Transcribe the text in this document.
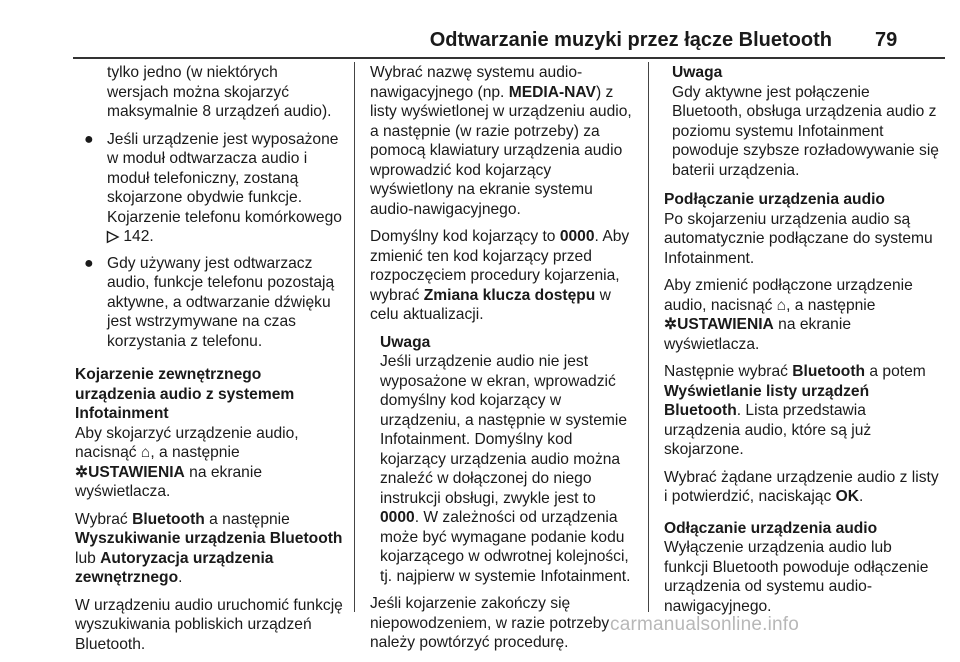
Odtwarzanie muzyki przez łącze Bluetooth 79

tylko jedno (w niektórych wersjach można skojarzyć maksymalnie 8 urządzeń audio).

● Jeśli urządzenie jest wyposażone w moduł odtwarzacza audio i moduł telefoniczny, zostaną skojarzone obydwie funkcje. Kojarzenie telefonu komórkowego ▷ 142.
● Gdy używany jest odtwarzacz audio, funkcje telefonu pozostają aktywne, a odtwarzanie dźwięku jest wstrzymywane na czas korzystania z telefonu.

Kojarzenie zewnętrznego urządzenia audio z systemem Infotainment

Aby skojarzyć urządzenie audio, nacisnąć ⌂, a następnie ✲USTAWIENIA na ekranie wyświetlacza.

Wybrać Bluetooth a następnie Wyszukiwanie urządzenia Bluetooth lub Autoryzacja urządzenia zewnętrznego.

W urządzeniu audio uruchomić funkcję wyszukiwania pobliskich urządzeń Bluetooth.

Wybrać nazwę systemu audio-nawigacyjnego (np. MEDIA-NAV) z listy wyświetlonej w urządzeniu audio, a następnie (w razie potrzeby) za pomocą klawiatury urządzenia audio wprowadzić kod kojarzący wyświetlony na ekranie systemu audio-nawigacyjnego.

Domyślny kod kojarzący to 0000. Aby zmienić ten kod kojarzący przed rozpoczęciem procedury kojarzenia, wybrać Zmiana klucza dostępu w celu aktualizacji.

Uwaga
Jeśli urządzenie audio nie jest wyposażone w ekran, wprowadzić domyślny kod kojarzący w urządzeniu, a następnie w systemie Infotainment. Domyślny kod kojarzący urządzenia audio można znaleźć w dołączonej do niego instrukcji obsługi, zwykle jest to 0000. W zależności od urządzenia może być wymagane podanie kodu kojarzącego w odwrotnej kolejności, tj. najpierw w systemie Infotainment.

Jeśli kojarzenie zakończy się niepowodzeniem, w razie potrzeby należy powtórzyć procedurę.

Uwaga
Gdy aktywne jest połączenie Bluetooth, obsługa urządzenia audio z poziomu systemu Infotainment powoduje szybsze rozładowywanie się baterii urządzenia.

Podłączanie urządzenia audio

Po skojarzeniu urządzenia audio są automatycznie podłączane do systemu Infotainment.

Aby zmienić podłączone urządzenie audio, nacisnąć ⌂, a następnie ✲USTAWIENIA na ekranie wyświetlacza.

Następnie wybrać Bluetooth a potem Wyświetlanie listy urządzeń Bluetooth. Lista przedstawia urządzenia audio, które są już skojarzone.

Wybrać żądane urządzenie audio z listy i potwierdzić, naciskając OK.

Odłączanie urządzenia audio

Wyłączenie urządzenia audio lub funkcji Bluetooth powoduje odłączenie urządzenia od systemu audio-nawigacyjnego.

carmanualsonline.info
